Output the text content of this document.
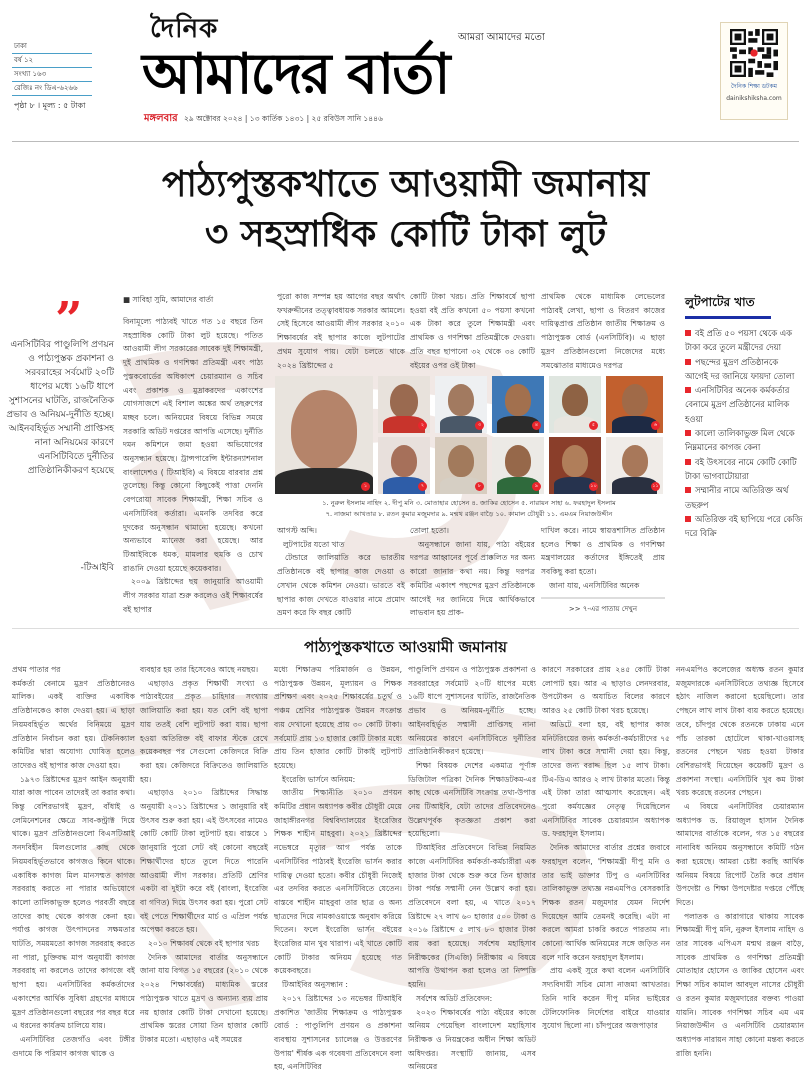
ঢাকা
বর্ষ ১২
সংখ্যা ১৬৩
রেজিঃ নং ডিএ-৬২৬৬
পৃষ্ঠা ৮ । মূল্য : ৫ টাকা
দৈনিক
আমাদের বার্তা
আমরা আমাদের মতো
মঙ্গলবার ২৯ অক্টোবর ২০২৪ | ১৩ কার্তিক ১৪৩১ | ২৫ রবিউস সানি ১৪৪৬
দৈনিক শিক্ষা ডটকম
dainikshiksha.com
পাঠ্যপুস্তকখাতে আওয়ামী জমানায়
৩ সহস্রাধিক কোটি টাকা লুট
”
এনসিটিবির পাণ্ডুলিপি প্রণয়ন ও পাঠ্যপুস্তক প্রকাশনা ও সরবরাহের সর্বমোট ২০টি ধাপের মধ্যে ১৬টি ধাপে সুশাসনের ঘাটতি, রাজনৈতিক প্রভাব ও অনিয়ম-দুর্নীতি হচ্ছে। আইনবহির্ভূত সম্মানী প্রাপ্তিসহ নানা অনিয়মের কারণে এনসিটিবিতে দুর্নীতির প্রাতিষ্ঠানিকীকরণ হয়েছে
-টিআইবি
■ সাবিহা সুমি, আমাদের বার্তা

বিনামূল্যে পাঠ্যবই খাতে গত ১৫ বছরে তিন সহস্রাধিক কোটি টাকা লুট হয়েছে। পতিত আওয়ামী লীগ সরকারের সাবেক দুই শিক্ষামন্ত্রী, দুই প্রাথমিক ও গণশিক্ষা প্রতিমন্ত্রী এবং পাঠ্য পুস্তকবোর্ডের অধিকাংশ চেয়ারম্যান ও সচিব এবং প্রকাশক ও মুদ্রাকরদের একাংশের যোগসাজশে এই বিশাল অঙ্কের অর্থ তছরুপের মচ্ছব চলে। অনিয়মের বিষয়ে বিভিন্ন সময়ে সরকারি অডিট দপ্তরের আপত্তি এসেছে। দুর্নীতি দমন কমিশনে জমা হওয়া অভিযোগের অনুসন্ধান হয়েছে। ট্রান্সপারেন্সি ইন্টারন্যাশনাল বাংলাদেশও ( টিআইবি) এ বিষয়ে বারবার প্রশ্ন তুলেছে। কিন্তু কোনো কিছুকেই পাত্তা দেননি বেপরোয়া সাবেক শিক্ষামন্ত্রী, শিক্ষা সচিব ও এনসিটিবির কর্তারা। এমনকি তদবির করে দুদকের অনুসন্ধান থামানো হয়েছে। কখনো অন্যভাবে ম্যানেজ করা হয়েছে। আর টিআইবিকে ধমক, মামলার হুমকি ও চোখ রাঙানি দেওয়া হয়েছে কয়েকবার।

২০০৯ খ্রিষ্টাব্দের ছয় জানুয়ারি আওয়ামী লীগ সরকার যাত্রা শুরু করলেও ওই শিক্ষাবর্ষের বই ছাপার

পুরো কাজ সম্পন্ন হয় আগের বছর অর্থাৎ ফখরুদ্দীনের তত্ত্বাবধায়ক সরকার আমলে। সেই হিসেবে আওয়ামী লীগ সরকার ২০১০ শিক্ষাবর্ষের বই ছাপার কাজে লুটপাটের প্রথম সুযোগ পায়। যেটা চলতে থাকে ২০২৪ খ্রিষ্টাব্দের ৫
কোটি টাকা খরচ। প্রতি শিক্ষাবর্ষে ছাপা হওয়া বই প্রতি কখনো ৫০ পয়সা কখনো এক টাকা করে তুলে শিক্ষামন্ত্রী এবং প্রাথমিক ও গণশিক্ষা প্রতিমন্ত্রীকে দেওয়া। প্রতি বছর ছাপানো ৩২ থেকে ৩৪ কোটি বইয়ের ওপর ওই টাকা
প্রাথমিক থেকে মাধ্যমিক লেভেলের পাঠ্যবই লেখা, ছাপা ও বিতরণ কাজের দায়িত্বপ্রাপ্ত প্রতিষ্ঠান জাতীয় শিক্ষাক্রম ও পাঠ্যপুস্তক বোর্ড (এনসিটিবি)। এ ছাড়া মুদ্রণ প্রতিষ্ঠানগুলো নিজেদের মধ্যে সমঝোতার মাধ্যমেও দরপত্র
১
২	৩	৪	৫	৬
৭	৮	৯	১০	১১
১. নুরুল ইসলাম নাহিদ ২. দীপু মনি ৩. মোতাহার হোসেন ৪. জাকির হোসেন ৫. নারায়ন সাহা ৬. ফরহাদুল ইসলাম
৭. নাজমা আখতার ৮. রতন কুমার মজুমদার ৯. মন্মথ রঞ্জন বাড়ৈ ১০. কামাল চৌধুরী ১১. এমএম নিয়াজউদ্দীন
আগস্ট অব্দি।
লুটপাটের যতো খাত

টেন্ডারে জালিয়াতি করে ভারতীয় প্রতিষ্ঠানকে বই ছাপার কাজ দেওয়া ও সেখান থেকে কমিশন নেওয়া। ভারতে বই ছাপার কাজ দেখতে যাওয়ার নামে প্রমোদ ভ্রমণ করে ফি বছর কোটি

তোলা হতো।

অনুসন্ধানে জানা যায়, পাঠ্য বইয়ের দরপত্র আহ্বানের পূর্বে প্রাক্কলিত দর অন্য কারো জানার কথা নয়। কিন্তু দরপত্র কমিটির একাংশ পছন্দের মুদ্রণ প্রতিষ্ঠানকে আগেই দর জানিয়ে দিয়ে আর্থিকভাবে লাভবান হয় প্রাক-

দাখিল করে। নামে স্বায়ত্তশাসিত প্রতিষ্ঠান হলেও শিক্ষা ও প্রাথমিক ও গণশিক্ষা মন্ত্রণালয়ের কর্তাদের ইঙ্গিতেই প্রায় সবকিছু করা হতো।

জানা যায়, এনসিটিবির অনেক

>> ৭-এর পাতায় দেখুন
লুটপাটের খাত
বই প্রতি ৫০ পয়সা থেকে এক টাকা করে তুলে মন্ত্রীদের দেয়া
পছন্দের মুদ্রণ প্রতিষ্ঠানকে আগেই দর জানিয়ে ফায়দা তোলা
এনসিটিবির অনেক কর্মকর্তার বেনামে মুদ্রণ প্রতিষ্ঠানের মালিক হওয়া
কালো তালিকাভুক্ত মিল থেকে নিম্নমানের কাগজ কেনা
বই উৎসবের নামে কোটি কোটি টাকা ভাগবাটোয়ারা
সম্মানীর নামে অতিরিক্ত অর্থ তছরুপ
অতিরিক্ত বই ছাপিয়ে পরে কেজি দরে বিক্রি
পাঠ্যপুস্তকখাতে আওয়ামী জমানায়
প্রথম পাতার পর

কর্মকর্তা বেনামে মুদ্রণ প্রতিষ্ঠানেরও মালিক। একই ব্যক্তির একাধিক প্রতিষ্ঠানকেও কাজ দেওয়া হয়। এ ছাড়া নিয়মবহির্ভূত অর্থের বিনিময়ে মুদ্রণ প্রতিষ্ঠান নির্বাচন করা হয়। টেকনিক্যাল কমিটির দ্বারা অযোগ্য ঘোষিত হলেও তাদেরও বই ছাপার কাজ দেওয়া হয়।

১৯৭৩ খ্রিষ্টাব্দের মুদ্রণ আইন অনুযায়ী যারা কাজ পাবেন তাদেরই তা করার কথা। কিন্তু বেশিরভাগই মুদ্রণ, বাঁধাই ও লেমিনেশনের ক্ষেত্রে সাব-কন্ট্রাক্ট দিয়ে থাকে। মুদ্রণ প্রতিষ্ঠানগুলো বিএসটিআই সনদবিহীন মিলগুলোর কাছ থেকে নিয়মবহির্ভূতভাবে কাগজও কিনে থাকে। একাধিক কাগজ মিল মানসম্মত কাগজ সরবরাহ করতে না পারার অভিযোগে কালো তালিকাভুক্ত হলেও পরবর্তী বছরে তাদের কাছ থেকে কাগজ কেনা হয়। পর্যাপ্ত কাগজ উৎপাদনের সক্ষমতার ঘাটতি, সময়মতো কাগজ সরবরাহ করতে না পারা, চুক্তিবদ্ধ মাপ অনুযায়ী কাগজ সরবরাহ না করলেও তাদের কাগজে বই ছাপা হয়। এনসিটিবির কর্মকর্তাদের একাংশের আর্থিক সুবিধা গ্রহণের মাধ্যমে মুদ্রণ প্রতিষ্ঠানগুলো বছরের পর বছর ধরে এ ধরনের কার্যক্রম চালিয়ে যায়।

এনসিটিবির তেজগাঁও এবং টঙ্গীর গুদামে কি পরিমাণ কাগজ থাকে ও

ব্যবহার হয় তার হিসেবেও আছে নয়ছয়।

এছাড়াও প্রকৃত শিক্ষার্থী সংখ্যা ও পাঠ্যবইয়ের প্রকৃত চাহিদার সংখ্যায় জালিয়াতি করা হয়। যত বেশি বই ছাপা যায় ততই বেশি লুটপাট করা যায়। ছাপা হওয়া অতিরিক্ত বই বাফার স্টকে রেখে কয়েকবছর পর সেগুলো কেজিদরে বিক্রি করা হয়। কেজিদরে বিক্রিতেও জালিয়াতি হয়।

এছাড়াও ২০১০ খ্রিষ্টাব্দের সিদ্ধান্ত অনুযায়ী ২০১১ খ্রিষ্টাব্দের ১ জানুয়ারি বই উৎসব শুরু করা হয়। এই উৎসবের নামেও কোটি কোটি টাকা লুটপাট হয়। বাস্তবে ১ জানুয়ারি পুরো সেট বই কোনো বছরেই শিক্ষার্থীদের হাতে তুলে দিতে পারেনি আওয়ামী লীগ সরকার। প্রতিটি শ্রেণির একটা বা দুইটা করে বই (বাংলা, ইংরেজি বা গণিত) দিয়ে উৎসব করা হয়। পুরো সেট বই পেতে শিক্ষার্থীদের মার্চ ও এপ্রিল পর্যন্ত অপেক্ষা করতে হয়।

২০১০ শিক্ষাবর্ষ থেকে বই ছাপার খরচ

দৈনিক আমাদের বার্তার অনুসন্ধানে জানা যায় বিগত ১৫ বছরের (২০১০ থেকে ২০২৪ শিক্ষাবর্ষের) মাধ্যমিক স্তরের পাঠ্যপুস্তক খাতে মুদ্রণ ও অন্যান্য ব্যয় প্রায় নয় হাজার কোটি টাকা দেখানো হয়েছে। প্রাথমিক স্তরের সোয়া তিন হাজার কোটি টাকার মতো। এছাড়াও এই সময়ের

মধ্যে শিক্ষাক্রম পরিমার্জন ও উন্নয়ন, পাঠ্যপুস্তক উন্নয়ন, মূল্যায়ন ও শিক্ষক প্রশিক্ষণ এবং ২০২৫ শিক্ষাবর্ষের চতুর্থ ও পঞ্চম শ্রেণির পাঠ্যপুস্তক উন্নয়ন সংক্রান্ত ব্যয় দেখানো হয়েছে প্রায় ৩০ কোটি টাকা। সর্বমোট প্রায় ১৩ হাজার কোটি টাকার মধ্যে প্রায় তিন হাজার কোটি টাকাই লুটপাট হয়েছে।

ইংরেজি ভার্সনে অনিয়ম:

জাতীয় শিক্ষানীতি ২০১০ প্রণয়ন কমিটির প্রধান অধ্যাপক কবীর চৌধুরী মেয়ে জাহাঙ্গীরনগর বিশ্ববিদ্যালয়ের ইংরেজির শিক্ষক শাহীন মাহবুবা। ২০২১ খ্রিষ্টাব্দের নভেম্বরে মৃত্যুর আগ পর্যন্ত তাকে এনসিটিবির পাঠ্যবই ইংরেজি ভার্সন করার দায়িত্ব দেওয়া হতো। কবীর চৌধুরী নিজেই এর তদবির করতে এনসিটিবিতে যেতেন। বাস্তবে শাহীন মাহবুবা তার ছাত্র ও অন্য ছাত্রদের দিয়ে নামকাওয়াস্তে অনুবাদ করিয়ে দিতেন। ফলে ইংরেজি ভার্সন বইয়ের ইংরেজির মান খুব খারাপ। এই খাতে কোটি কোটি টাকার অনিয়ম হয়েছে গত কয়েকবছরে।

টিআইবির অনুসন্ধান :

২০১৭ খ্রিষ্টাব্দের ১৩ নভেম্বর টিআইবি প্রকাশিত 'জাতীয় শিক্ষাক্রম ও পাঠ্যপুস্তক বোর্ড : পাণ্ডুলিপি প্রণয়ন ও প্রকাশনা ব্যবস্থায় সুশাসনের চ্যালেঞ্জ ও উত্তরণের উপায়' শীর্ষক এক গবেষণা প্রতিবেদনে বলা হয়, এনসিটিবির

পাণ্ডুলিপি প্রণয়ন ও পাঠ্যপুস্তক প্রকাশনা ও সরবরাহের সর্বমোট ২০টি ধাপের মধ্যে ১৬টি ধাপে সুশাসনের ঘাটতি, রাজনৈতিক প্রভাব ও অনিয়ম-দুর্নীতি হচ্ছে। আইনবহির্ভূত সম্মানী প্রাপ্তিসহ নানা অনিয়মের কারণে এনসিটিবিতে দুর্নীতির প্রাতিষ্ঠানিকীকরণ হয়েছে।

শিক্ষা বিষয়ক দেশের একমাত্র পূর্ণাঙ্গ ডিজিটাল পত্রিকা দৈনিক শিক্ষাডটকম-এর কাছ থেকে এনসিটিবি সংক্রান্ত তথ্য-উপাত্ত নেয় টিআইবি, যেটা তাদের প্রতিবেদনেও উল্লেখপূর্বক কৃতজ্ঞতা প্রকাশ করা হয়েছিলো।

টিআইবির প্রতিবেদনে বিভিন্ন নিয়মিত কাজে এনসিটিবির কর্মকর্তা-কর্মচারীরা এক হাজার টাকা থেকে শুরু করে তিন হাজার টাকা পর্যন্ত সম্মানী নেন উল্লেখ করা হয়। প্রতিবেদনে বলা হয়, এ খাতে ২০১৭ খ্রিষ্টাব্দে ২৭ লাখ ৬০ হাজার ৫০০ টাকা ও ২০১৬ খ্রিষ্টাব্দে ৫ লাখ ৮০ হাজার টাকা ব্যয় করা হয়েছে। সর্বশেষ মহাহিসাব নিরীক্ষকের (সিএজি) নিরীক্ষায় এ বিষয়ে আপত্তি উত্থাপন করা হলেও তা নিষ্পত্তি হয়নি।

সর্বশেষ অডিট প্রতিবেদন:

২০২৩ শিক্ষাবর্ষের পাঠ্য বইয়ের কাজে অনিয়ম পেয়েছিল বাংলাদেশ মহাহিসাব নিরীক্ষক ও নিয়ন্ত্রকের অধীন শিক্ষা অডিট অধিদপ্তর। সংস্থাটি জানায়, এসব অনিয়মের

কারণে সরকারের প্রায় ২৪৫ কোটি টাকা লোপাট হয়। আর এ ছাড়াও লেনদরবার, উপঢৌকন ও অযাচিত বিলের কারণে আরও ২৫ কোটি টাকা খরচ হয়েছে।

অডিটে বলা হয়, বই ছাপার কাজ মনিটরিংয়ের জন্য কর্মকর্তা-কর্মচারীদের ৭৫ লাখ টাকা করে সম্মানী দেয়া হয়। কিন্তু, তাদের জন্য বরাদ্দ ছিল ১৫ লাখ টাকা। টিএ-ডিএ আরও ২ লাখ টাকার মতো। কিন্তু এই টাকা তারা আত্মসাৎ করেছেন। এই পুরো কর্মযজ্ঞের নেতৃত্ব দিয়েছিলেন এনসিটিবির সাবেক চেয়ারম্যান অধ্যাপক ড. ফরহাদুল ইসলাম।

দৈনিক আমাদের বার্তার প্রশ্নের জবাবে ফরহাদুল বলেন, 'শিক্ষামন্ত্রী দীপু মনি ও তার ভাই ডাক্তার টিপু ও এনসিটিবির তালিকাভুক্ত তথ্যজ্ঞ নন্নএমপিও বেসরকারি শিক্ষক রতন মজুমদার যেমন নির্দেশ দিয়েছেন আমি তেমনই করেছি। এটা না করলে আমরা চাকরি করতে পারতাম না। কোনো আর্থিক অনিয়মের সঙ্গে জড়িত নন বলে দাবি করেন ফরহাদুল ইসলাম।

প্রায় একই সুরে কথা বলেন এনসিটিবি সদ্যবিদায়ী সচিব মোসা নাজমা আখতার। তিনি দাবি করেন দীপু মনির ভাইয়ের টেলিফোনিক নির্দেশের বাইরে যাওয়ার সুযোগ ছিলো না। চাঁদপুরের অজপাড়ার

ননএমপিও কলেজের অধ্যক্ষ রতন কুমার মজুমদারকে এনসিটিবিতে তথ্যজ্ঞ হিসেবে হঠাৎ নাজিল করানো হয়েছিলো। তার পেছনে লাখ লাখ টাকা ব্যয় করতে হয়েছে। তবে, চাঁদপুর থেকে রতনকে ঢাকায় এনে পাঁচ তারকা হোটেলে থাকা-খাওয়াসহ রতনের পেছনে খরচ হওয়া টাকার বেশিরভাগই দিয়েছেন কয়েকটি মুদ্রণ ও প্রকাশনা সংস্থা। এনসিটিবি খুব কম টাকা খরচ করেছে রতনের পেছনে।

এ বিষয়ে এনসিটিবির চেয়ারম্যান অধ্যাপক ড. রিয়াজুল হাসান দৈনিক আমাদের বার্তাকে বলেন, গত ১৫ বছরের নানাবিধ অনিয়ম অনুসন্ধানে কমিটি গঠন করা হয়েছে। আমরা চেষ্টা করছি আর্থিক অনিয়ম বিষয়ে রিপোর্ট তৈরি করে প্রধান উপদেষ্টা ও শিক্ষা উপদেষ্টার দপ্তরে পৌঁছে দিতে।

পলাতক ও কারাগারে থাকায় সাবেক শিক্ষামন্ত্রী দীপু মনি, নুরুল ইসলাম নাহিদ ও তার সাবেক এপিএস মন্মথ রঞ্জন বাড়ৈ, সাবেক প্রাথমিক ও গণশিক্ষা প্রতিমন্ত্রী মোতাহার হোসেন ও জাকির হোসেন এবং শিক্ষা সচিব কামাল আবদুল নাসের চৌধুরী ও রতন কুমার মজুমদারের বক্তব্য পাওয়া যায়নি। সাবেক গণশিক্ষা সচিব এম এম নিয়াজউদ্দীন ও এনসিটিবি চেয়ারম্যান অধ্যাপক নারায়ন সাহা কোনো মন্তব্য করতে রাজি হননি।
